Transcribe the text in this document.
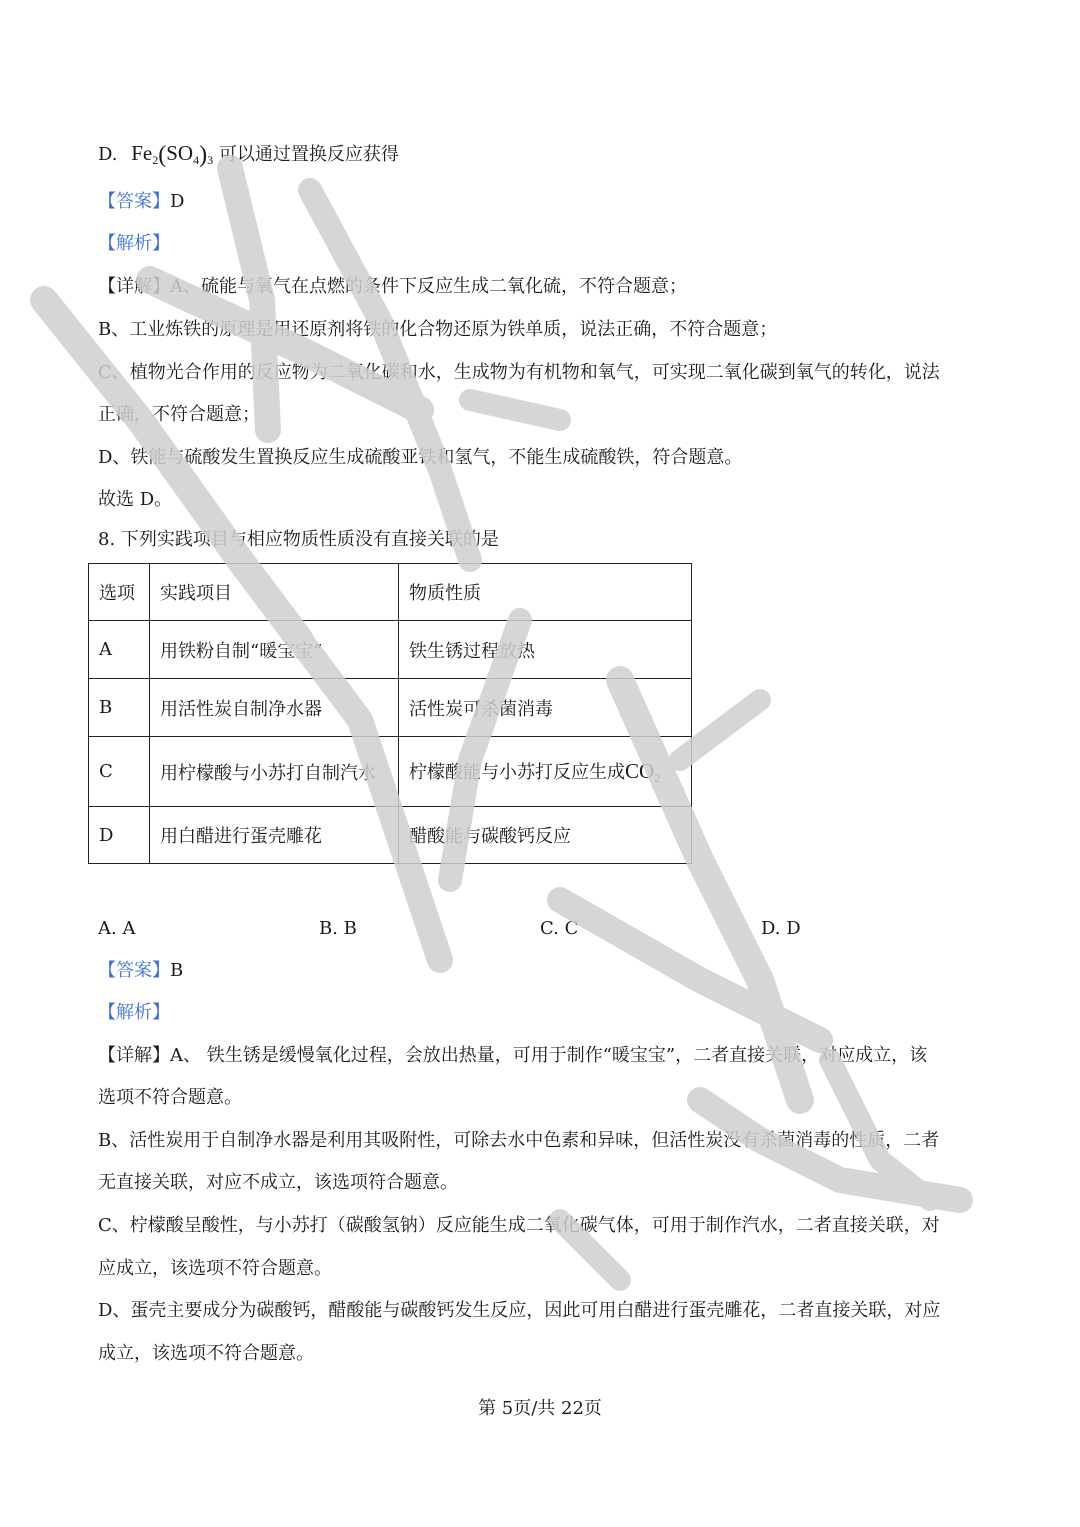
D. $Fe_2(SO_4)_3$ 可以通过置换反应获得
【答案】D
【解析】
【详解】A、硫能与氧气在点燃的条件下反应生成二氧化硫，不符合题意；
B、工业炼铁的原理是用还原剂将铁的化合物还原为铁单质，说法正确，不符合题意；
C、植物光合作用的反应物为二氧化碳和水，生成物为有机物和氧气，可实现二氧化碳到氧气的转化，说法
正确，不符合题意；
D、铁能与硫酸发生置换反应生成硫酸亚铁和氢气，不能生成硫酸铁，符合题意。
故选 D。
8. 下列实践项目与相应物质性质没有直接关联的是
选项	实践项目	物质性质
A	用铁粉自制“暖宝宝”	铁生锈过程放热
B	用活性炭自制净水器	活性炭可杀菌消毒
C	用柠檬酸与小苏打自制汽水	柠檬酸能与小苏打反应生成$CO_2$
D	用白醋进行蛋壳雕花	醋酸能与碳酸钙反应
A. A	B. B	C. C	D. D
【答案】B
【解析】
【详解】A、 铁生锈是缓慢氧化过程，会放出热量，可用于制作“暖宝宝”，二者直接关联，对应成立，该
选项不符合题意。
B、活性炭用于自制净水器是利用其吸附性，可除去水中色素和异味，但活性炭没有杀菌消毒的性质，二者
无直接关联，对应不成立，该选项符合题意。
C、柠檬酸呈酸性，与小苏打（碳酸氢钠）反应能生成二氧化碳气体，可用于制作汽水，二者直接关联，对
应成立，该选项不符合题意。
D、蛋壳主要成分为碳酸钙，醋酸能与碳酸钙发生反应，因此可用白醋进行蛋壳雕花，二者直接关联，对应
成立，该选项不符合题意。
第 5页/共 22页
